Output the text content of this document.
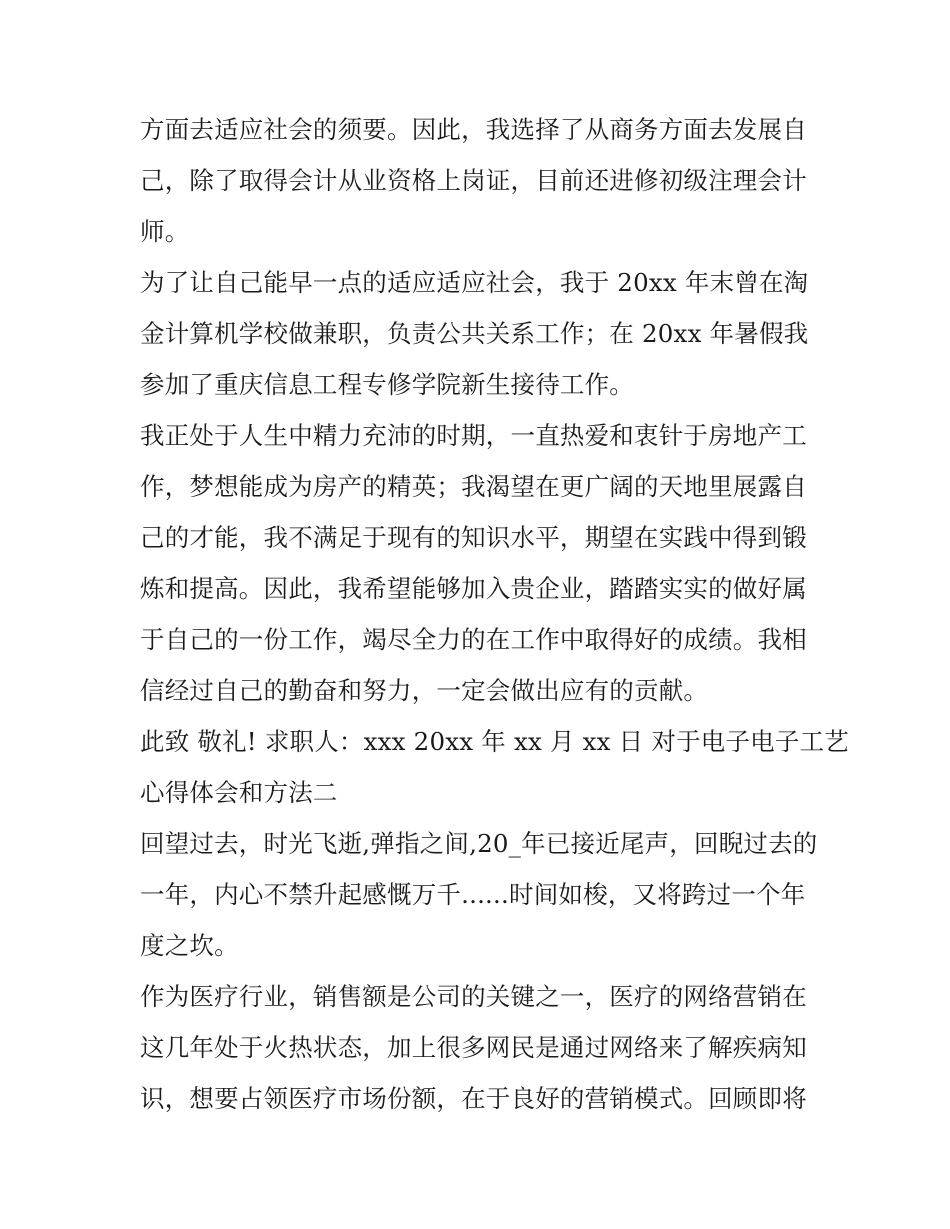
方面去适应社会的须要。因此，我选择了从商务方面去发展自
己，除了取得会计从业资格上岗证，目前还进修初级注理会计
师。
为了让自己能早一点的适应适应社会，我于 20xx 年末曾在淘
金计算机学校做兼职，负责公共关系工作；在 20xx 年暑假我
参加了重庆信息工程专修学院新生接待工作。
我正处于人生中精力充沛的时期，一直热爱和衷针于房地产工
作，梦想能成为房产的精英；我渴望在更广阔的天地里展露自
己的才能，我不满足于现有的知识水平，期望在实践中得到锻
炼和提高。因此，我希望能够加入贵企业，踏踏实实的做好属
于自己的一份工作，竭尽全力的在工作中取得好的成绩。我相
信经过自己的勤奋和努力，一定会做出应有的贡献。
此致 敬礼! 求职人：xxx 20xx 年 xx 月 xx 日 对于电子电子工艺
心得体会和方法二
回望过去，时光飞逝,弹指之间,20_年已接近尾声，回睨过去的
一年，内心不禁升起感慨万千......时间如梭，又将跨过一个年
度之坎。
作为医疗行业，销售额是公司的关键之一，医疗的网络营销在
这几年处于火热状态，加上很多网民是通过网络来了解疾病知
识，想要占领医疗市场份额，在于良好的营销模式。回顾即将
